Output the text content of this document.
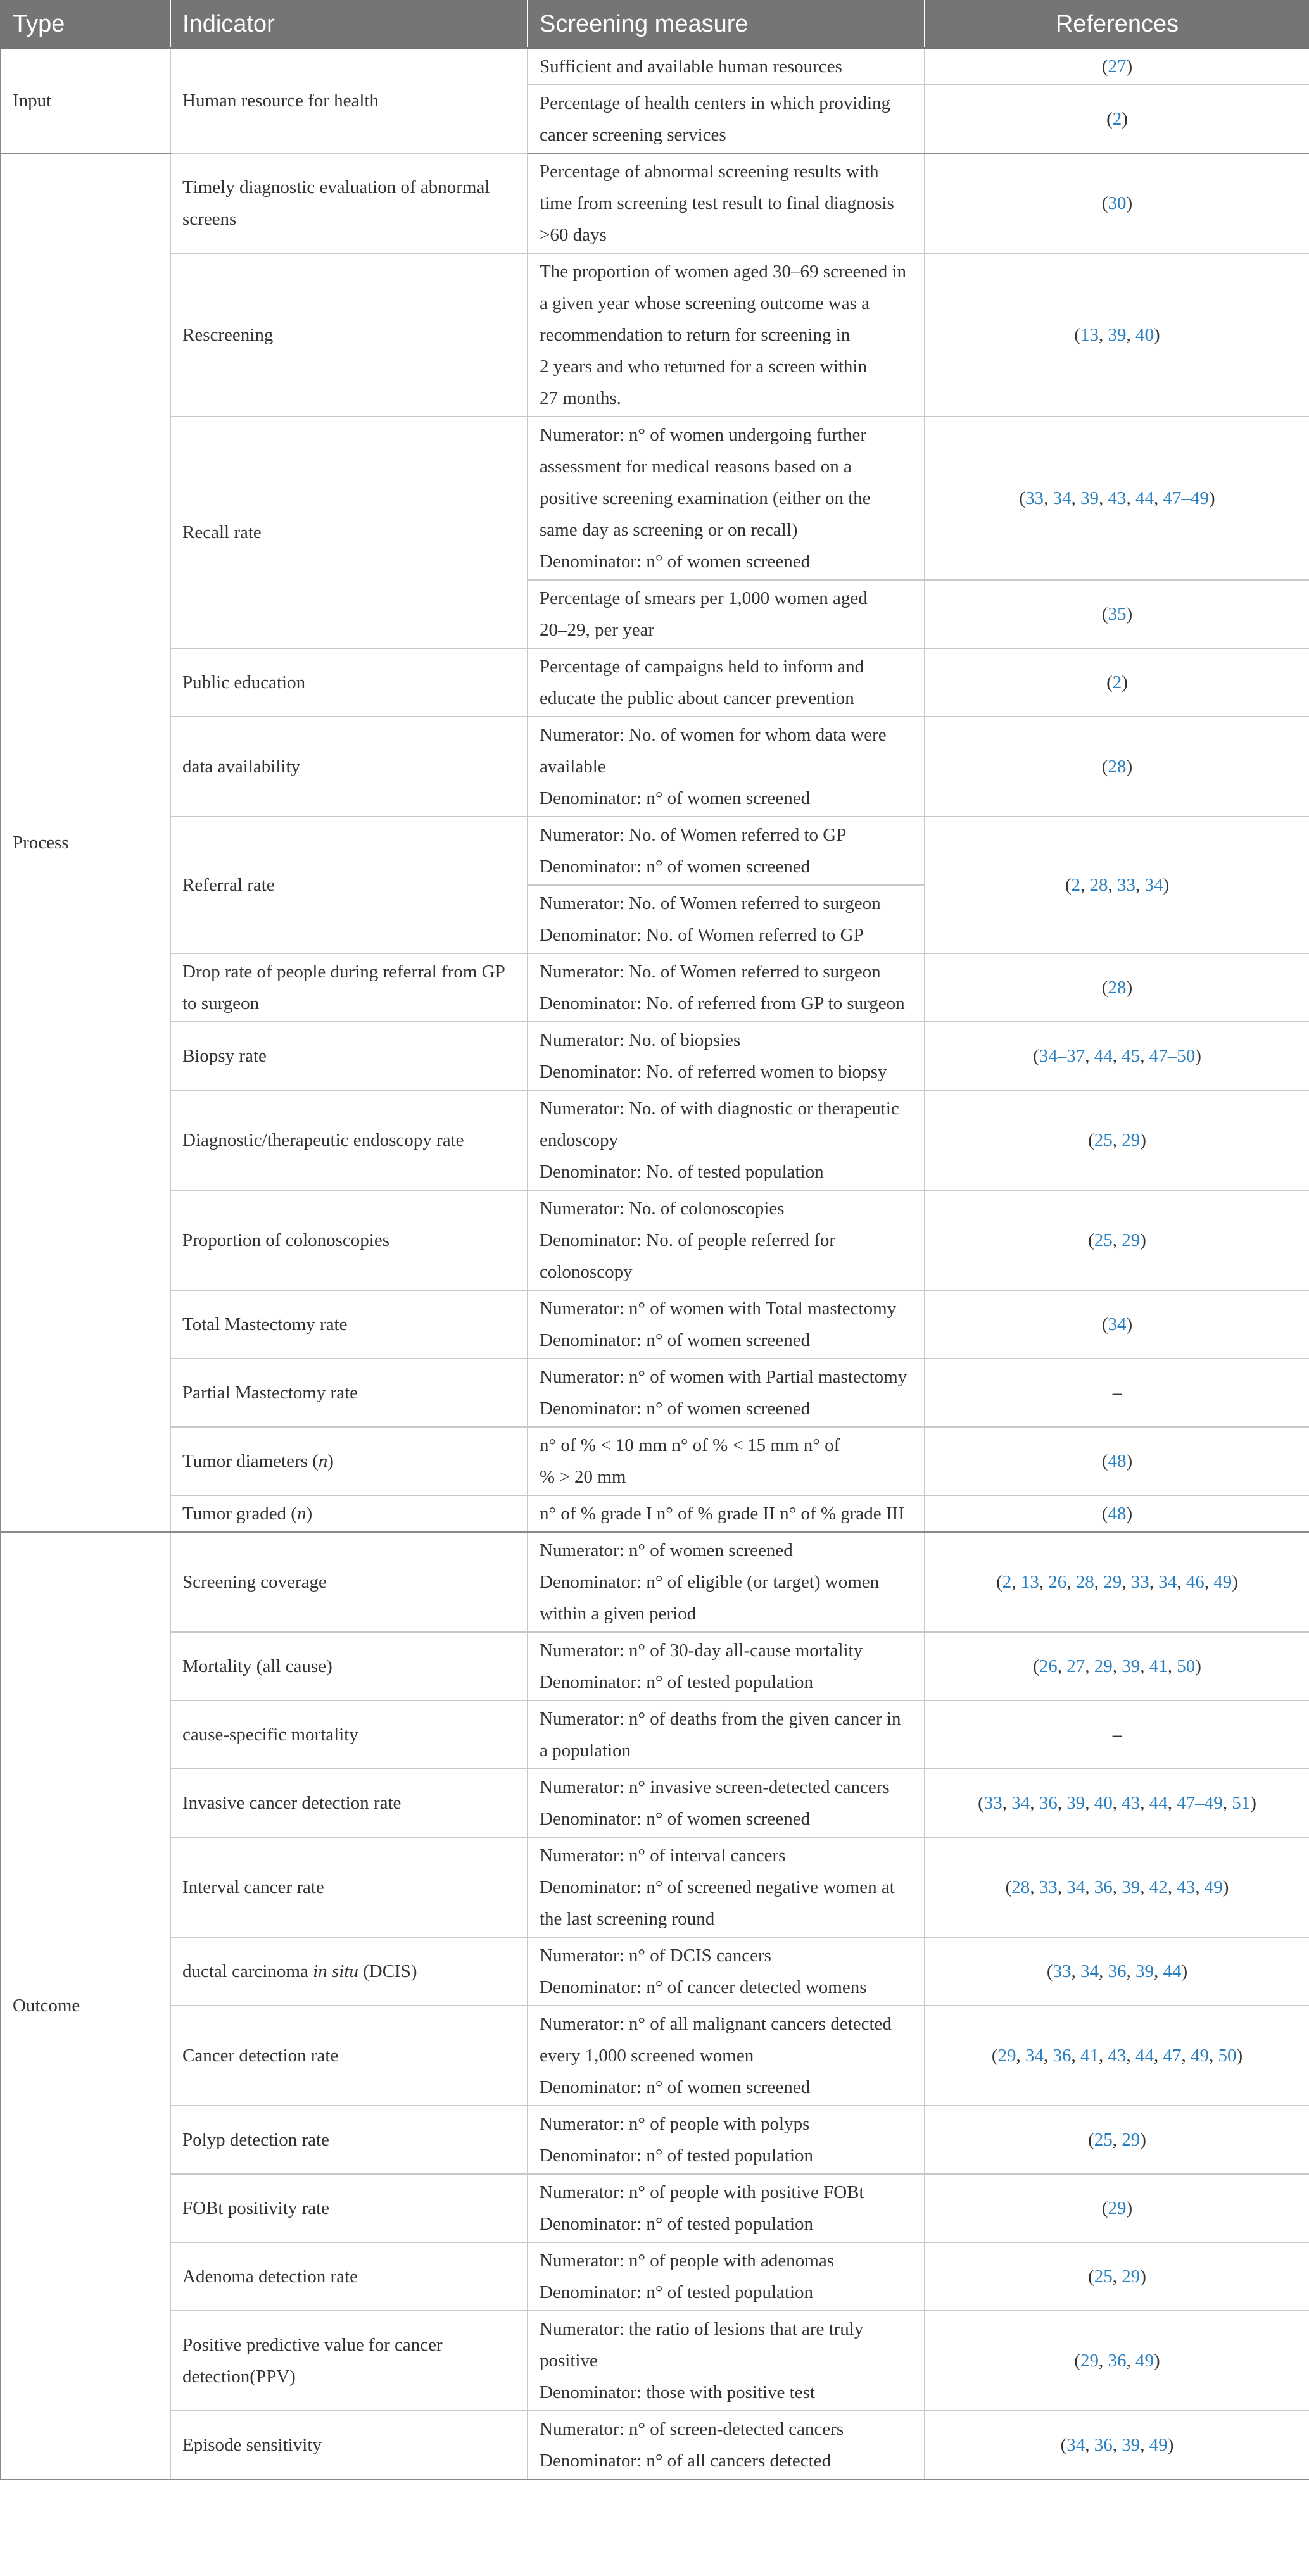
Type	Indicator	Screening measure	References
Input	Human resource for health	Sufficient and available human resources	(27)

		Percentage of health centers in which providing
cancer screening services	(2)
Process	Timely diagnostic evaluation of abnormal screens	Percentage of abnormal screening results with
time from screening test result to final diagnosis
>60 days	(30)
	Rescreening	The proportion of women aged 30–69 screened in
a given year whose screening outcome was a
recommendation to return for screening in
2 years and who returned for a screen within
27 months.	(13, 39, 40)
	Recall rate	Numerator: n° of women undergoing further
assessment for medical reasons based on a
positive screening examination (either on the
same day as screening or on recall)
Denominator: n° of women screened	(33, 34, 39, 43, 44, 47–49)

		Percentage of smears per 1,000 women aged
20–29, per year	(35)
	Public education	Percentage of campaigns held to inform and
educate the public about cancer prevention	(2)
	data availability	Numerator: No. of women for whom data were
available
Denominator: n° of women screened	(28)
	Referral rate	Numerator: No. of Women referred to GP
Denominator: n° of women screened	(2, 28, 33, 34)

		Numerator: No. of Women referred to surgeon
Denominator: No. of Women referred to GP	

	Drop rate of people during referral from GP to surgeon	Numerator: No. of Women referred to surgeon
Denominator: No. of referred from GP to surgeon	(28)
	Biopsy rate	Numerator: No. of biopsies
Denominator: No. of referred women to biopsy	(34–37, 44, 45, 47–50)
	Diagnostic/therapeutic endoscopy rate	Numerator: No. of with diagnostic or therapeutic
endoscopy
Denominator: No. of tested population	(25, 29)
	Proportion of colonoscopies	Numerator: No. of colonoscopies
Denominator: No. of people referred for
colonoscopy	(25, 29)
	Total Mastectomy rate	Numerator: n° of women with Total mastectomy
Denominator: n° of women screened	(34)
	Partial Mastectomy rate	Numerator: n° of women with Partial mastectomy
Denominator: n° of women screened	–
	Tumor diameters (n)	n° of % < 10 mm n° of % < 15 mm n° of
% > 20 mm	(48)
	Tumor graded (n)	n° of % grade I n° of % grade II n° of % grade III	(48)
Outcome	Screening coverage	Numerator: n° of women screened
Denominator: n° of eligible (or target) women
within a given period	(2, 13, 26, 28, 29, 33, 34, 46, 49)
	Mortality (all cause)	Numerator: n° of 30-day all-cause mortality
Denominator: n° of tested population	(26, 27, 29, 39, 41, 50)
	cause-specific mortality	Numerator: n° of deaths from the given cancer in
a population	–
	Invasive cancer detection rate	Numerator: n° invasive screen-detected cancers
Denominator: n° of women screened	(33, 34, 36, 39, 40, 43, 44, 47–49, 51)
	Interval cancer rate	Numerator: n° of interval cancers
Denominator: n° of screened negative women at
the last screening round	(28, 33, 34, 36, 39, 42, 43, 49)
	ductal carcinoma in situ (DCIS)	Numerator: n° of DCIS cancers
Denominator: n° of cancer detected womens	(33, 34, 36, 39, 44)
	Cancer detection rate	Numerator: n° of all malignant cancers detected
every 1,000 screened women
Denominator: n° of women screened	(29, 34, 36, 41, 43, 44, 47, 49, 50)
	Polyp detection rate	Numerator: n° of people with polyps
Denominator: n° of tested population	(25, 29)
	FOBt positivity rate	Numerator: n° of people with positive FOBt
Denominator: n° of tested population	(29)
	Adenoma detection rate	Numerator: n° of people with adenomas
Denominator: n° of tested population	(25, 29)
	Positive predictive value for cancer detection(PPV)	Numerator: the ratio of lesions that are truly
positive
Denominator: those with positive test	(29, 36, 49)
	Episode sensitivity	Numerator: n° of screen-detected cancers
Denominator: n° of all cancers detected	(34, 36, 39, 49)
